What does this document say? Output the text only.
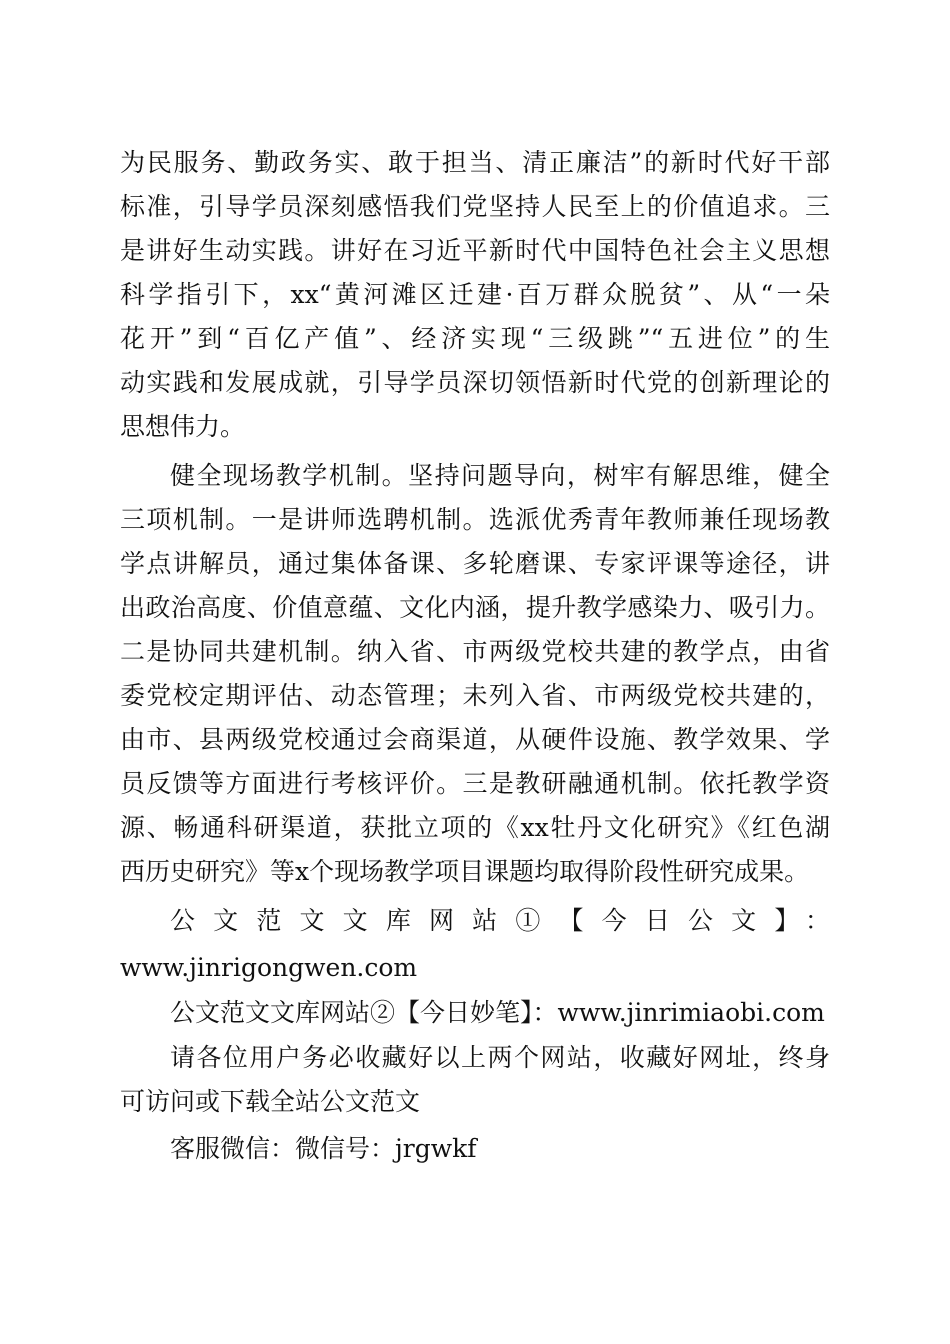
为民服务、勤政务实、敢于担当、清正廉洁”的新时代好干部
标准，引导学员深刻感悟我们党坚持人民至上的价值追求。三
是讲好生动实践。讲好在习近平新时代中国特色社会主义思想
科学指引下，xx“黄河滩区迁建·百万群众脱贫”、从“一朵
花开”到“百亿产值”、经济实现“三级跳”“五进位”的生
动实践和发展成就，引导学员深切领悟新时代党的创新理论的
思想伟力。
健全现场教学机制。坚持问题导向，树牢有解思维，健全
三项机制。一是讲师选聘机制。选派优秀青年教师兼任现场教
学点讲解员，通过集体备课、多轮磨课、专家评课等途径，讲
出政治高度、价值意蕴、文化内涵，提升教学感染力、吸引力。
二是协同共建机制。纳入省、市两级党校共建的教学点，由省
委党校定期评估、动态管理；未列入省、市两级党校共建的，
由市、县两级党校通过会商渠道，从硬件设施、教学效果、学
员反馈等方面进行考核评价。三是教研融通机制。依托教学资
源、畅通科研渠道，获批立项的《xx牡丹文化研究》《红色湖
西历史研究》等x个现场教学项目课题均取得阶段性研究成果。
公文范文文库网站①【今日公文】：
www.jinrigongwen.com
公文范文文库网站②【今日妙笔】：www.jinrimiaobi.com
请各位用户务必收藏好以上两个网站，收藏好网址，终身
可访问或下载全站公文范文
客服微信：微信号：jrgwkf
